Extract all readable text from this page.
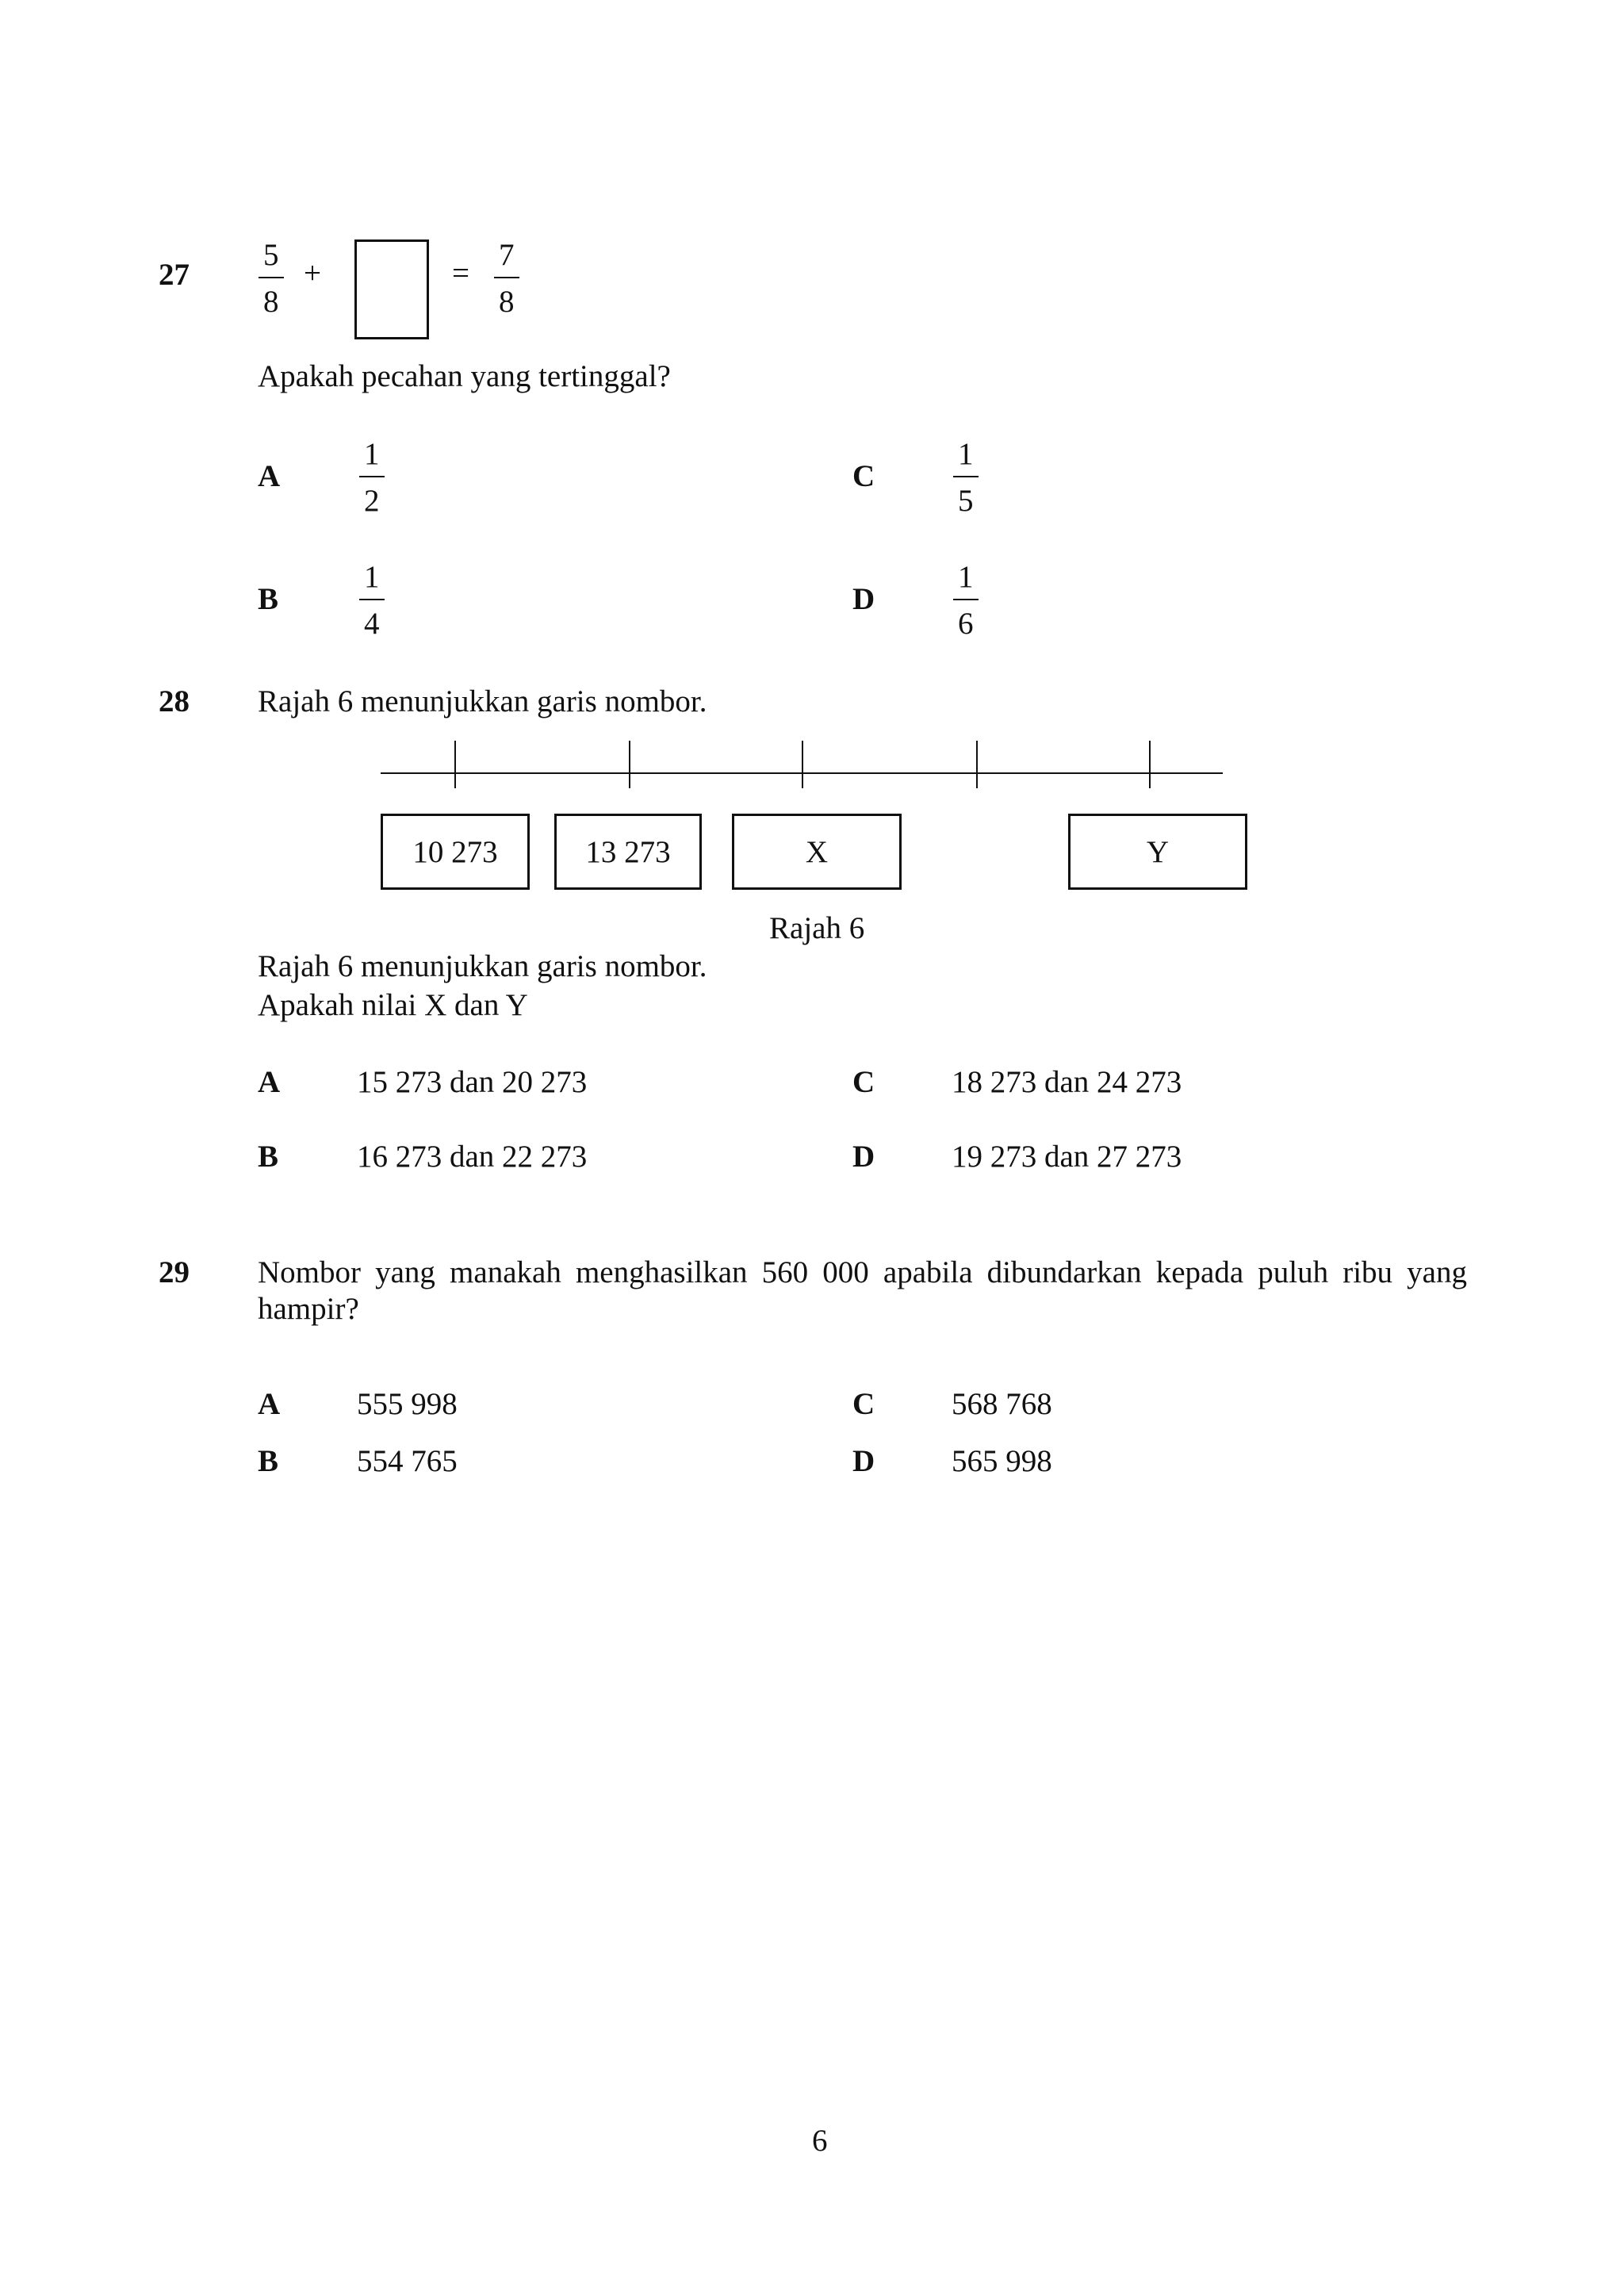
$27 \frac{5}{8}$ +	= $\frac{7}{8}$
Apakah pecahan yang tertinggal?
A	$\frac{1}{2}$	C	$\frac{1}{5}$
B	$\frac{1}{4}$	D	$\frac{1}{6}$
28 Rajah 6 menunjukkan garis nombor.
10 273	13 273	X	Y
Rajah 6
Rajah 6 menunjukkan garis nombor.
Apakah nilai X dan Y
A 15 273 dan 20 273	C 18 273 dan 24 273
B	16 273 dan 22 273	D 19 273 dan 27 273
29 Nombor yang manakah menghasilkan 560 000 apabila dibundarkan kepada puluh ribu yang
hampir?
A 555 998	C 568 768
B	554 765	D 565 998
6
